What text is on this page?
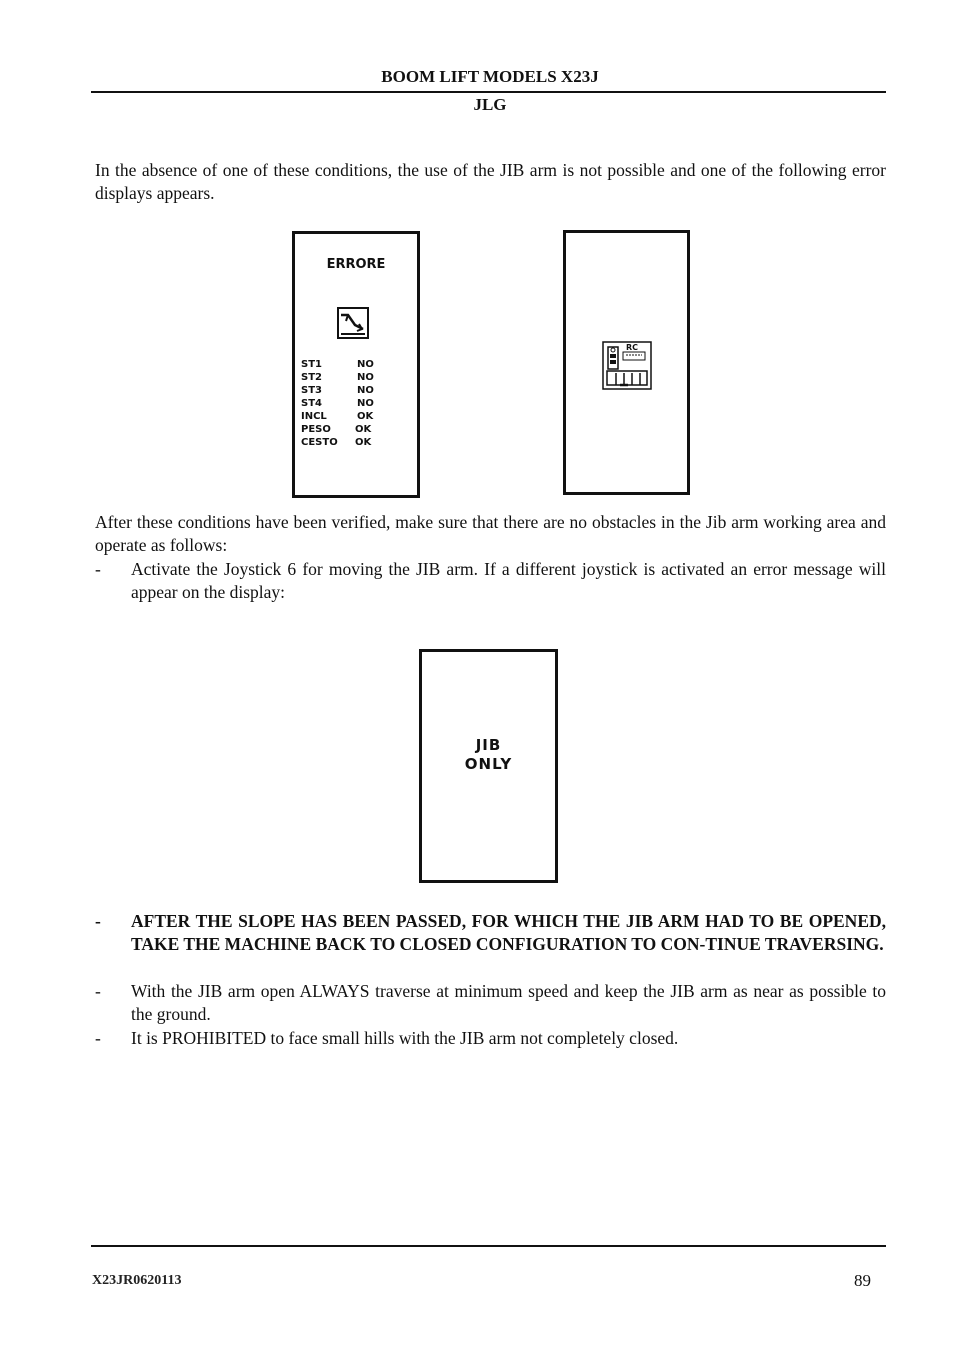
BOOM LIFT MODELS X23J
JLG
In the absence of one of these conditions, the use of the JIB arm is not possible and one of the following error displays appears.
ERRORE
ST1	NO
ST2	NO
ST3	NO
ST4	NO
INCL	OK
PESO OK
CESTO OK
RC
After these conditions have been verified, make sure that there are no obstacles in the Jib arm working area and operate as follows:
- Activate the Joystick 6 for moving the JIB arm. If a different joystick is activated an error message will appear on the display:
JIB
ONLY
- AFTER THE SLOPE HAS BEEN PASSED, FOR WHICH THE JIB ARM HAD TO BE OPENED, TAKE THE MACHINE BACK TO CLOSED CONFIGURATION TO CON-TINUE TRAVERSING.
- With the JIB arm open ALWAYS traverse at minimum speed and keep the JIB arm as near as possible to the ground.
- It is PROHIBITED to face small hills with the JIB arm not completely closed.
X23JR0620113	89
